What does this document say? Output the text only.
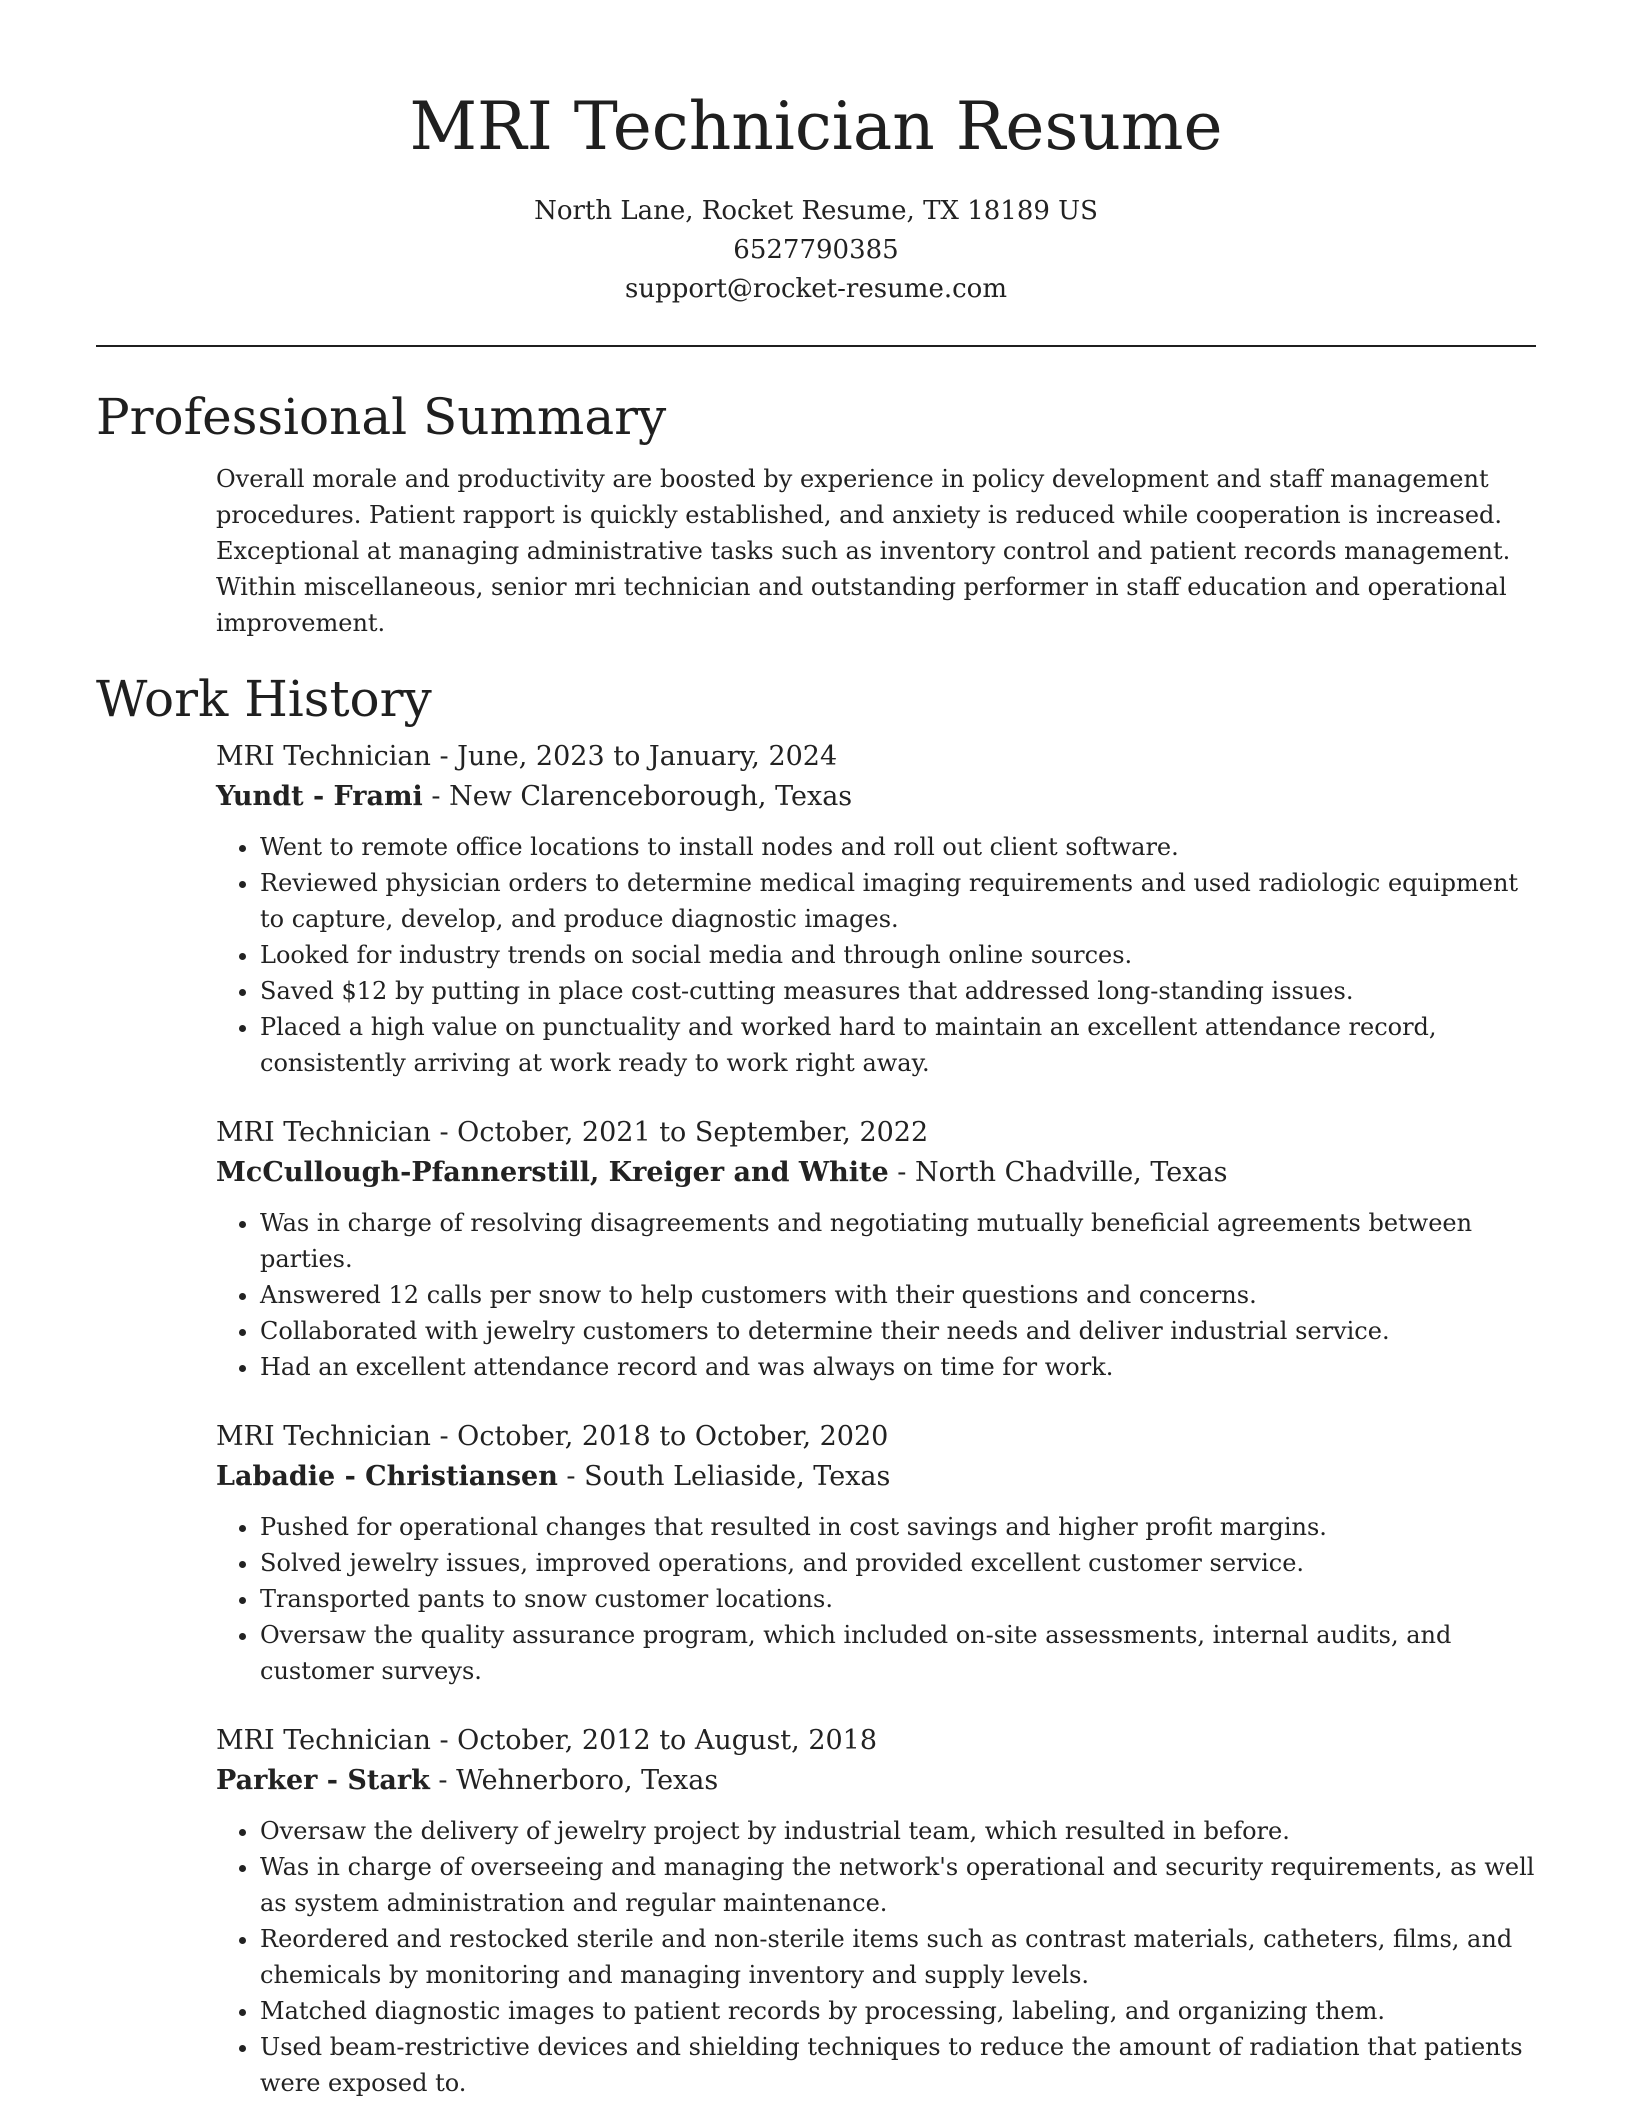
MRI Technician Resume
North Lane, Rocket Resume, TX 18189 US
6527790385
support@rocket-resume.com
Professional Summary

Overall morale and productivity are boosted by experience in policy development and staff management procedures. Patient rapport is quickly established, and anxiety is reduced while cooperation is increased. Exceptional at managing administrative tasks such as inventory control and patient records management. Within miscellaneous, senior mri technician and outstanding performer in staff education and operational improvement.

Work History
MRI Technician - June, 2023 to January, 2024
Yundt - Frami - New Clarenceborough, Texas
• Went to remote office locations to install nodes and roll out client software.
• Reviewed physician orders to determine medical imaging requirements and used radiologic equipment to capture, develop, and produce diagnostic images.
• Looked for industry trends on social media and through online sources.
• Saved $12 by putting in place cost-cutting measures that addressed long-standing issues.
• Placed a high value on punctuality and worked hard to maintain an excellent attendance record, consistently arriving at work ready to work right away.
MRI Technician - October, 2021 to September, 2022
McCullough-Pfannerstill, Kreiger and White - North Chadville, Texas
• Was in charge of resolving disagreements and negotiating mutually beneficial agreements between parties.
• Answered 12 calls per snow to help customers with their questions and concerns.
• Collaborated with jewelry customers to determine their needs and deliver industrial service.
• Had an excellent attendance record and was always on time for work.
MRI Technician - October, 2018 to October, 2020
Labadie - Christiansen - South Leliaside, Texas
• Pushed for operational changes that resulted in cost savings and higher profit margins.
• Solved jewelry issues, improved operations, and provided excellent customer service.
• Transported pants to snow customer locations.
• Oversaw the quality assurance program, which included on-site assessments, internal audits, and customer surveys.
MRI Technician - October, 2012 to August, 2018
Parker - Stark - Wehnerboro, Texas
• Oversaw the delivery of jewelry project by industrial team, which resulted in before.
• Was in charge of overseeing and managing the network's operational and security requirements, as well as system administration and regular maintenance.
• Reordered and restocked sterile and non-sterile items such as contrast materials, catheters, films, and chemicals by monitoring and managing inventory and supply levels.
• Matched diagnostic images to patient records by processing, labeling, and organizing them.
• Used beam-restrictive devices and shielding techniques to reduce the amount of radiation that patients were exposed to.
